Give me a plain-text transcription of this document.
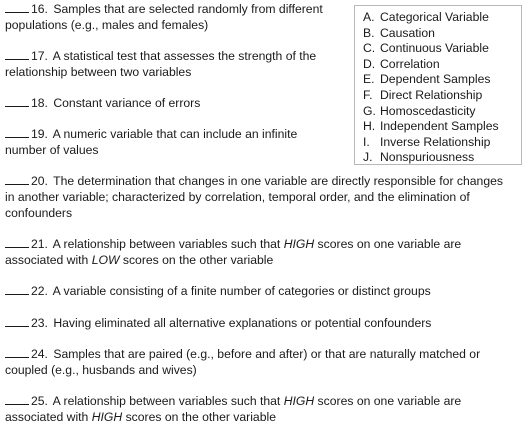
16. Samples that are selected randomly from different populations (e.g., males and females)

17. A statistical test that assesses the strength of the relationship between two variables

18. Constant variance of errors

19. A numeric variable that can include an infinite number of values

20. The determination that changes in one variable are directly responsible for changes in another variable; characterized by correlation, temporal order, and the elimination of confounders

21. A relationship between variables such that HIGH scores on one variable are associated with LOW scores on the other variable

22. A variable consisting of a finite number of categories or distinct groups

23. Having eliminated all alternative explanations or potential confounders

24. Samples that are paired (e.g., before and after) or that are naturally matched or coupled (e.g., husbands and wives)

25. A relationship between variables such that HIGH scores on one variable are associated with HIGH scores on the other variable

A. Categorical Variable
B. Causation
C. Continuous Variable
D. Correlation
E. Dependent Samples
F. Direct Relationship
G. Homoscedasticity
H. Independent Samples
I. Inverse Relationship
J. Nonspuriousness
